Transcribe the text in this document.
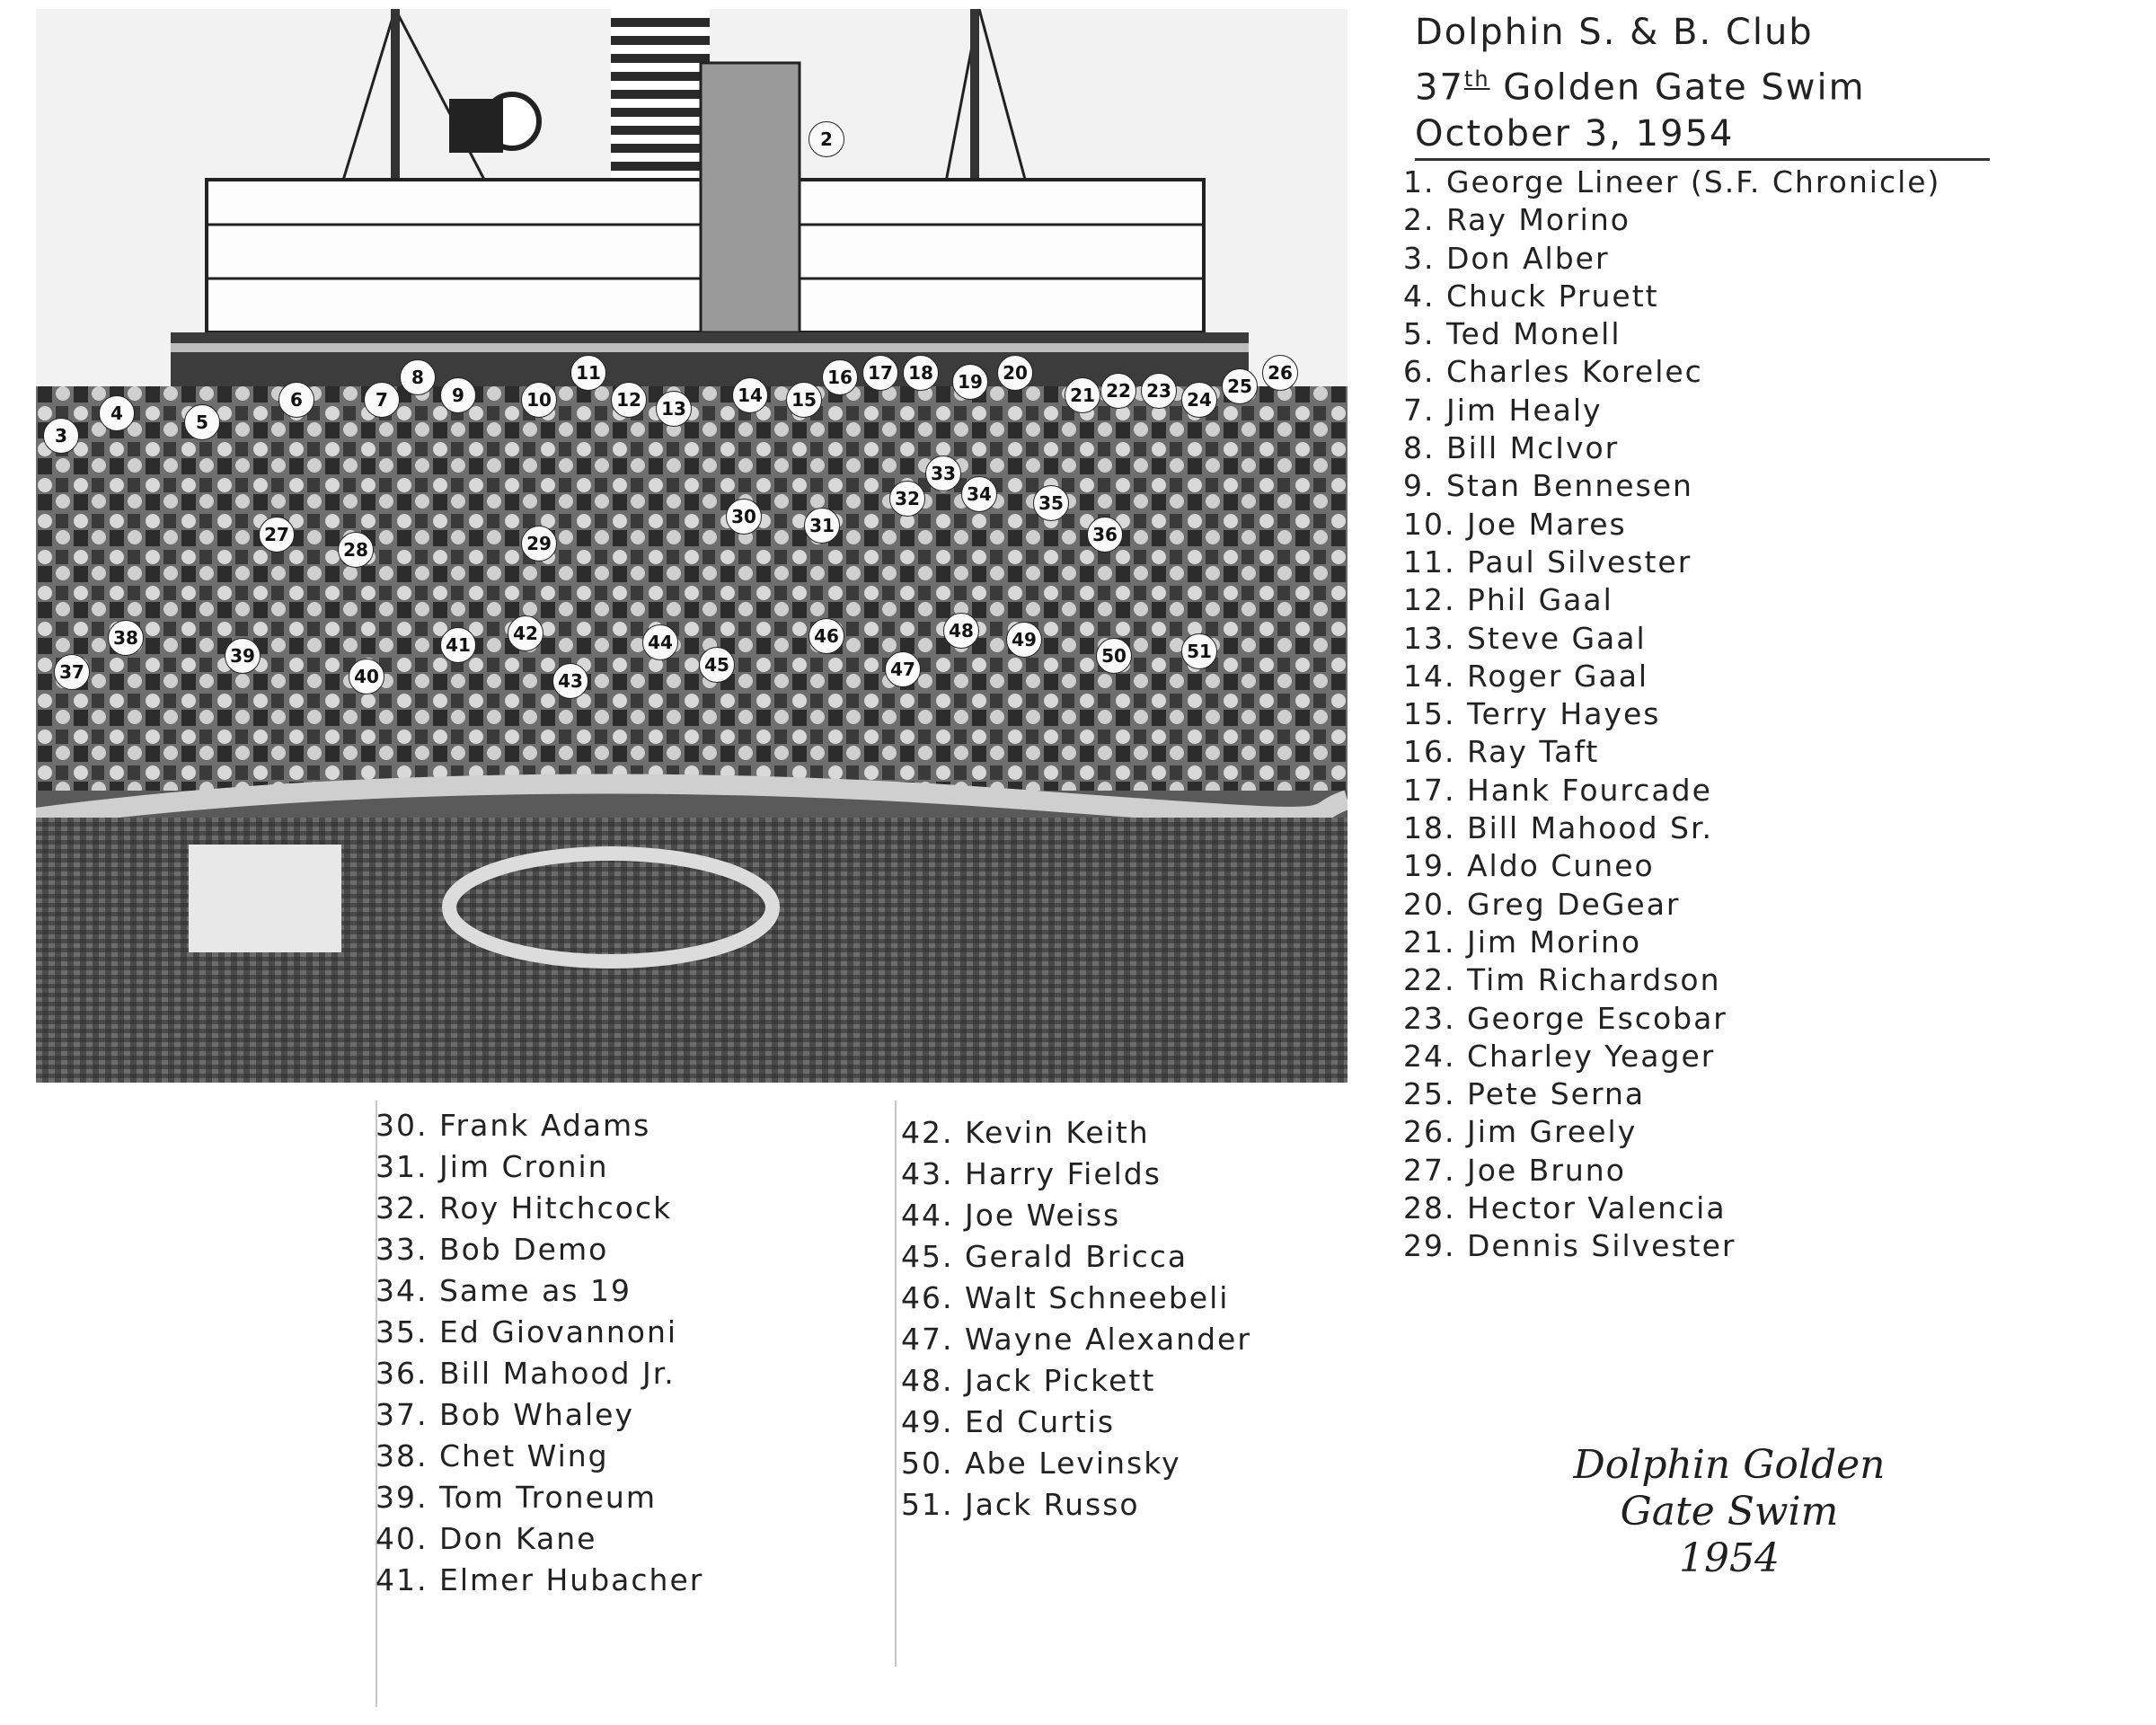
2
3
4	5
6	7
8
9	10
11
12	13
14	15
16 17 18	19	20
21 22 23 24
25
26
27
28	29
30	31
32
33
34	35
36
37
38
39
40
41
42
43
44
45
46
47
48	49
50	51
Dolphin S. & B. Club
37th Golden Gate Swim
October 3, 1954
1. George Lineer (S.F. Chronicle)
2. Ray Morino
3. Don Alber
4. Chuck Pruett
5. Ted Monell
6. Charles Korelec
7. Jim Healy
8. Bill McIvor
9. Stan Bennesen
10. Joe Mares
11. Paul Silvester
12. Phil Gaal
13. Steve Gaal
14. Roger Gaal
15. Terry Hayes
16. Ray Taft
17. Hank Fourcade
18. Bill Mahood Sr.
19. Aldo Cuneo
20. Greg DeGear
21. Jim Morino
22. Tim Richardson
23. George Escobar
24. Charley Yeager
25. Pete Serna
26. Jim Greely
27. Joe Bruno
28. Hector Valencia
29. Dennis Silvester
30. Frank Adams
31. Jim Cronin
32. Roy Hitchcock
33. Bob Demo
34. Same as 19
35. Ed Giovannoni
36. Bill Mahood Jr.
37. Bob Whaley
38. Chet Wing
39. Tom Troneum
40. Don Kane
41. Elmer Hubacher
42. Kevin Keith
43. Harry Fields
44. Joe Weiss
45. Gerald Bricca
46. Walt Schneebeli
47. Wayne Alexander
48. Jack Pickett
49. Ed Curtis
50. Abe Levinsky
51. Jack Russo
Dolphin Golden
Gate Swim
1954
